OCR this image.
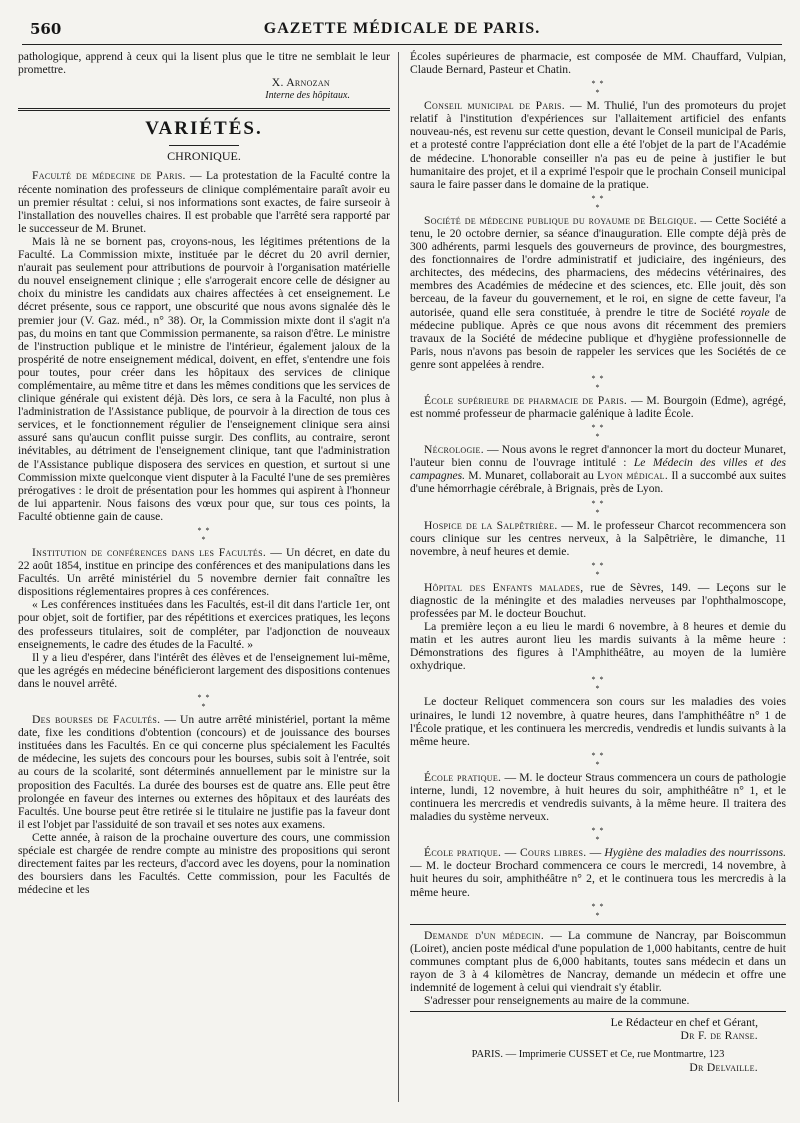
560	GAZETTE MÉDICALE DE PARIS.

pathologique, apprend à ceux qui la lisent plus que le titre ne semblait le leur promettre.

X. Arnozan
Interne des hôpitaux.
VARIÉTÉS.
CHRONIQUE.

Faculté de médecine de Paris. — La protestation de la Faculté contre la récente nomination des professeurs de clinique complémentaire paraît avoir eu un premier résultat : celui, si nos informations sont exactes, de faire surseoir à l'installation des nouvelles chaires. Il est probable que l'arrêté sera rapporté par le successeur de M. Brunet.

Mais là ne se bornent pas, croyons-nous, les légitimes prétentions de la Faculté. La Commission mixte, instituée par le décret du 20 avril dernier, n'aurait pas seulement pour attributions de pourvoir à l'organisation matérielle du nouvel enseignement clinique ; elle s'arrogerait encore celle de désigner au choix du ministre les candidats aux chaires affectées à cet enseignement. Le décret présente, sous ce rapport, une obscurité que nous avons signalée dès le premier jour (V. Gaz. méd., n° 38). Or, la Commission mixte dont il s'agit n'a pas, du moins en tant que Commission permanente, sa raison d'être. Le ministre de l'instruction publique et le ministre de l'intérieur, également jaloux de la prospérité de notre enseignement médical, doivent, en effet, s'entendre une fois pour toutes, pour créer dans les hôpitaux des services de clinique complémentaire, au même titre et dans les mêmes conditions que les services de clinique générale qui existent déjà. Dès lors, ce sera à la Faculté, non plus à l'administration de l'Assistance publique, de pourvoir à la direction de tous ces services, et le fonctionnement régulier de l'enseignement clinique sera ainsi assuré sans qu'aucun conflit puisse surgir. Des conflits, au contraire, seront inévitables, au détriment de l'enseignement clinique, tant que l'administration de l'Assistance publique disposera des services en question, et surtout si une Commission mixte quelconque vient disputer à la Faculté l'une de ses premières prérogatives : le droit de présentation pour les hommes qui aspirent à l'honneur de lui appartenir. Nous faisons des vœux pour que, sur tous ces points, la Faculté obtienne gain de cause.

* *
*

Institution de conférences dans les Facultés. — Un décret, en date du 22 août 1854, institue en principe des conférences et des manipulations dans les Facultés. Un arrêté ministériel du 5 novembre dernier fait connaître les dispositions réglementaires propres à ces conférences.

« Les conférences instituées dans les Facultés, est-il dit dans l'article 1er, ont pour objet, soit de fortifier, par des répétitions et exercices pratiques, les leçons des professeurs titulaires, soit de compléter, par l'adjonction de nouveaux enseignements, le cadre des études de la Faculté. »

Il y a lieu d'espérer, dans l'intérêt des élèves et de l'enseignement lui-même, que les agrégés en médecine bénéficieront largement des dispositions contenues dans le nouvel arrêté.

* *
*

Des bourses de Facultés. — Un autre arrêté ministériel, portant la même date, fixe les conditions d'obtention (concours) et de jouissance des bourses instituées dans les Facultés. En ce qui concerne plus spécialement les Facultés de médecine, les sujets des concours pour les bourses, subis soit à l'entrée, soit au cours de la scolarité, sont déterminés annuellement par le ministre sur la proposition des Facultés. La durée des bourses est de quatre ans. Elle peut être prolongée en faveur des internes ou externes des hôpitaux et des lauréats des Facultés. Une bourse peut être retirée si le titulaire ne justifie pas la faveur dont il est l'objet par l'assiduité de son travail et ses notes aux examens.

Cette année, à raison de la prochaine ouverture des cours, une commission spéciale est chargée de rendre compte au ministre des propositions qui seront directement faites par les recteurs, d'accord avec les doyens, pour la nomination des boursiers dans les Facultés. Cette commission, pour les Facultés de médecine et les

Écoles supérieures de pharmacie, est composée de MM. Chauffard, Vulpian, Claude Bernard, Pasteur et Chatin.

* *
*

Conseil municipal de Paris. — M. Thulié, l'un des promoteurs du projet relatif à l'institution d'expériences sur l'allaitement artificiel des enfants nouveau-nés, est revenu sur cette question, devant le Conseil municipal de Paris, et a protesté contre l'appréciation dont elle a été l'objet de la part de l'Académie de médecine. L'honorable conseiller n'a pas eu de peine à justifier le but humanitaire des projet, et il a exprimé l'espoir que le prochain Conseil municipal saura le faire passer dans le domaine de la pratique.

* *
*

Société de médecine publique du royaume de Belgique. — Cette Société a tenu, le 20 octobre dernier, sa séance d'inauguration. Elle compte déjà près de 300 adhérents, parmi lesquels des gouverneurs de province, des bourgmestres, des fonctionnaires de l'ordre administratif et judiciaire, des ingénieurs, des architectes, des médecins, des pharmaciens, des médecins vétérinaires, des membres des Académies de médecine et des sciences, etc. Elle jouit, dès son berceau, de la faveur du gouvernement, et le roi, en signe de cette faveur, l'a autorisée, quand elle sera constituée, à prendre le titre de Société royale de médecine publique. Après ce que nous avons dit récemment des premiers travaux de la Société de médecine publique et d'hygiène professionnelle de Paris, nous n'avons pas besoin de rappeler les services que les Sociétés de ce genre sont appelées à rendre.

* *
*

École supérieure de pharmacie de Paris. — M. Bourgoin (Edme), agrégé, est nommé professeur de pharmacie galénique à ladite École.

* *
*

Nécrologie. — Nous avons le regret d'annoncer la mort du docteur Munaret, l'auteur bien connu de l'ouvrage intitulé : Le Médecin des villes et des campagnes. M. Munaret, collaborait au Lyon médical. Il a succombé aux suites d'une hémorrhagie cérébrale, à Brignais, près de Lyon.

* *
*

Hospice de la Salpêtrière. — M. le professeur Charcot recommencera son cours clinique sur les centres nerveux, à la Salpêtrière, le dimanche, 11 novembre, à neuf heures et demie.

* *
*

Hôpital des Enfants malades, rue de Sèvres, 149. — Leçons sur le diagnostic de la méningite et des maladies nerveuses par l'ophthalmoscope, professées par M. le docteur Bouchut.

La première leçon a eu lieu le mardi 6 novembre, à 8 heures et demie du matin et les autres auront lieu les mardis suivants à la même heure : Démonstrations des figures à l'Amphithéâtre, au moyen de la lumière oxhydrique.

* *
*

Le docteur Reliquet commencera son cours sur les maladies des voies urinaires, le lundi 12 novembre, à quatre heures, dans l'amphithéâtre n° 1 de l'École pratique, et les continuera les mercredis, vendredis et lundis suivants à la même heure.

* *
*

École pratique. — M. le docteur Straus commencera un cours de pathologie interne, lundi, 12 novembre, à huit heures du soir, amphithéâtre n° 1, et le continuera les mercredis et vendredis suivants, à la même heure. Il traitera des maladies du système nerveux.

* *
*

École pratique. — Cours libres. — Hygiène des maladies des nourrissons. — M. le docteur Brochard commencera ce cours le mercredi, 14 novembre, à huit heures du soir, amphithéâtre n° 2, et le continuera tous les mercredis à la même heure.

* *
*

Demande d'un médecin. — La commune de Nancray, par Boiscommun (Loiret), ancien poste médical d'une population de 1,000 habitants, centre de huit communes comptant plus de 6,000 habitants, toutes sans médecin et dans un rayon de 3 à 4 kilomètres de Nancray, demande un médecin et offre une indemnité de logement à celui qui viendrait s'y établir.

S'adresser pour renseignements au maire de la commune.

Le Rédacteur en chef et Gérant,
Dr F. de Ranse.
PARIS. — Imprimerie CUSSET et Ce, rue Montmartre, 123
Dr Delvaille.
